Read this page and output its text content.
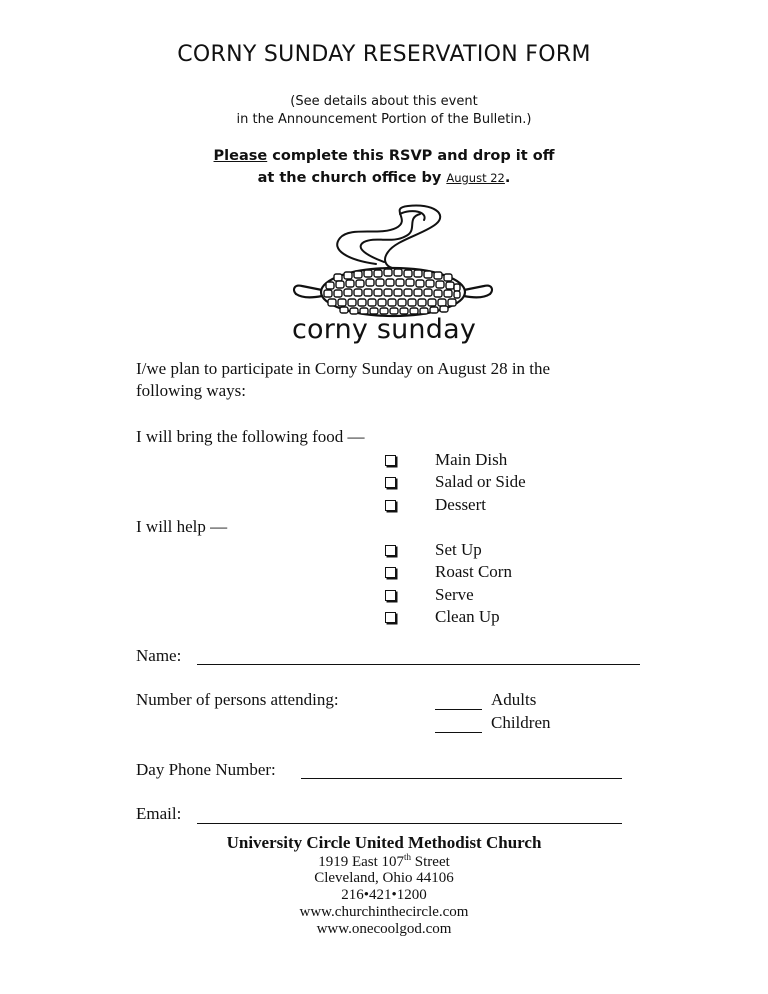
CORNY SUNDAY RESERVATION FORM
(See details about this event
in the Announcement Portion of the Bulletin.)
Please complete this RSVP and drop it off
at the church office by August 22.
corny sunday
I/we plan to participate in Corny Sunday on August 28 in the
following ways:
I will bring the following food —
Main Dish
Salad or Side
Dessert
I will help —
Set Up
Roast Corn
Serve
Clean Up
Name:
Number of persons attending:	Adults
Children
Day Phone Number:
Email:
University Circle United Methodist Church
1919 East 107th Street
Cleveland, Ohio 44106
216•421•1200
www.churchinthecircle.com
www.onecoolgod.com
